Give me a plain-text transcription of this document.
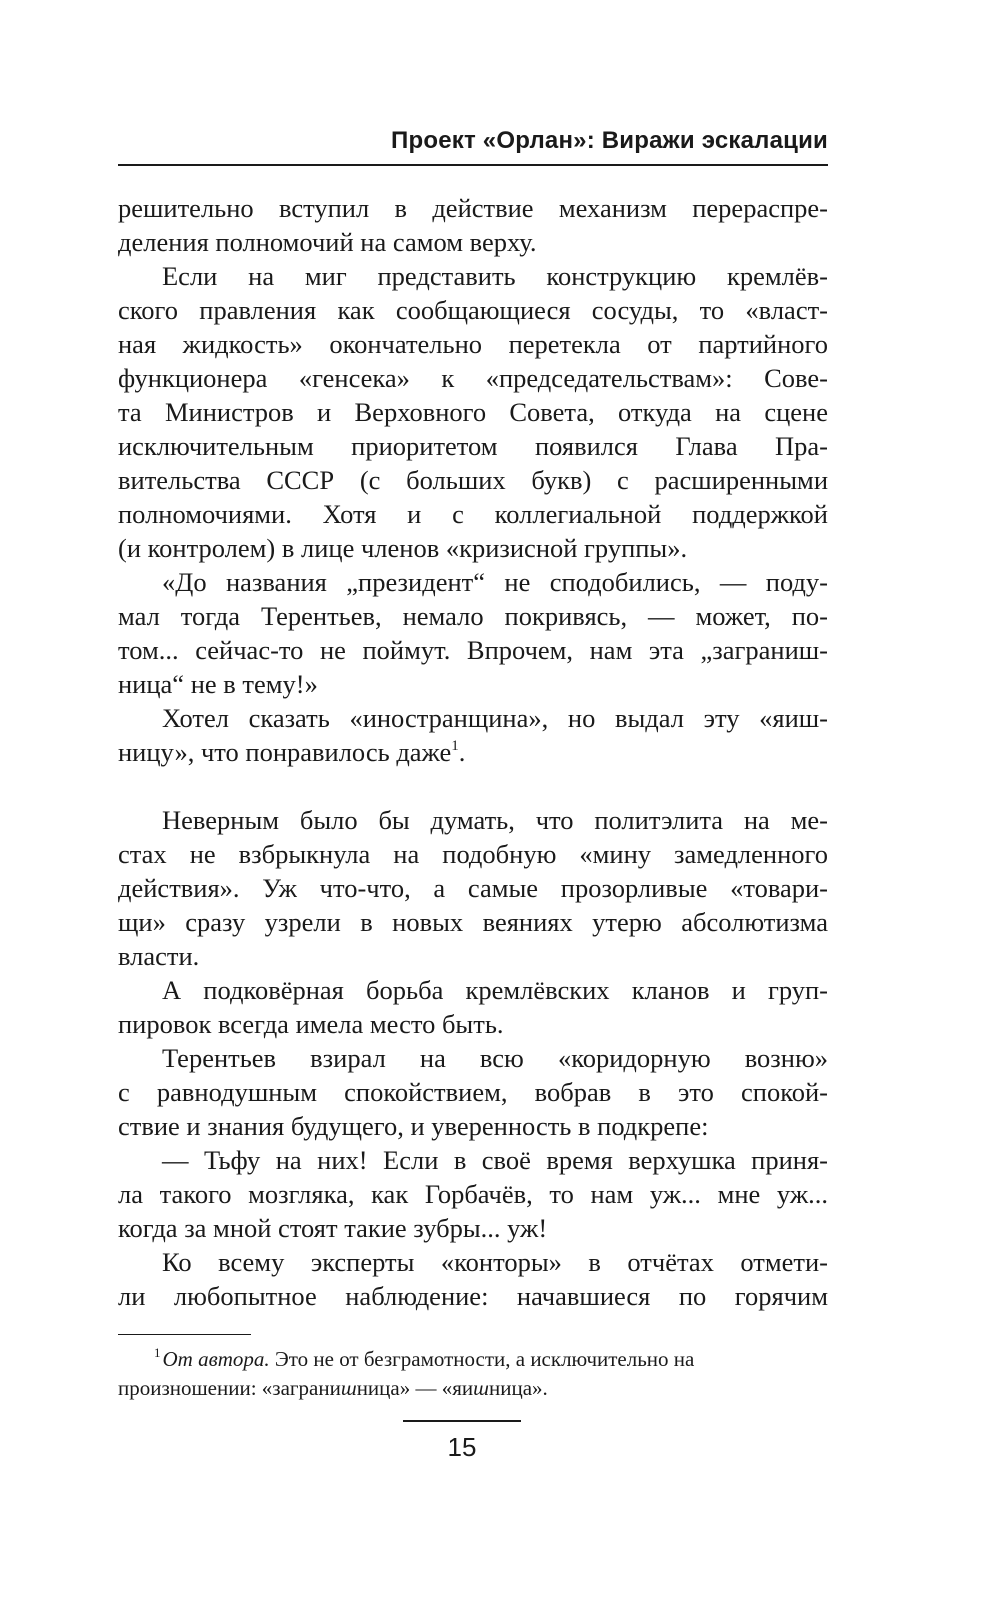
Проект «Орлан»: Виражи эскалации
решительно вступил в действие механизм перераспре-
деления полномочий на самом верху.
Если на миг представить конструкцию кремлёв-
ского правления как сообщающиеся сосуды, то «власт-
ная жидкость» окончательно перетекла от партийного
функционера «генсека» к «председательствам»: Сове-
та Министров и Верховного Совета, откуда на сцене
исключительным приоритетом появился Глава Пра-
вительства СССР (с больших букв) с расширенными
полномочиями. Хотя и с коллегиальной поддержкой
(и контролем) в лице членов «кризисной группы».
«До названия „президент“ не сподобились, — поду-
мал тогда Терентьев, немало покривясь, — может, по-
том... сейчас-то не поймут. Впрочем, нам эта „заграниш-
ница“ не в тему!»
Хотел сказать «иностранщина», но выдал эту «яиш-
ницу», что понравилось даже$^1$.
Неверным было бы думать, что политэлита на ме-
стах не взбрыкнула на подобную «мину замедленного
действия». Уж что-что, а самые прозорливые «товари-
щи» сразу узрели в новых веяниях утерю абсолютизма
власти.
А подковёрная борьба кремлёвских кланов и груп-
пировок всегда имела место быть.
Терентьев взирал на всю «коридорную возню»
с равнодушным спокойствием, вобрав в это спокой-
ствие и знания будущего, и уверенность в подкрепе:
— Тьфу на них! Если в своё время верхушка приня-
ла такого мозгляка, как Горбачёв, то нам уж... мне уж...
когда за мной стоят такие зубры... уж!
Ко всему эксперты «конторы» в отчётах отмети-
ли любопытное наблюдение: начавшиеся по горячим
$^1$От автора. Это не от безграмотности, а исключительно на
произношении: «загранишница» — «яишница».
15
